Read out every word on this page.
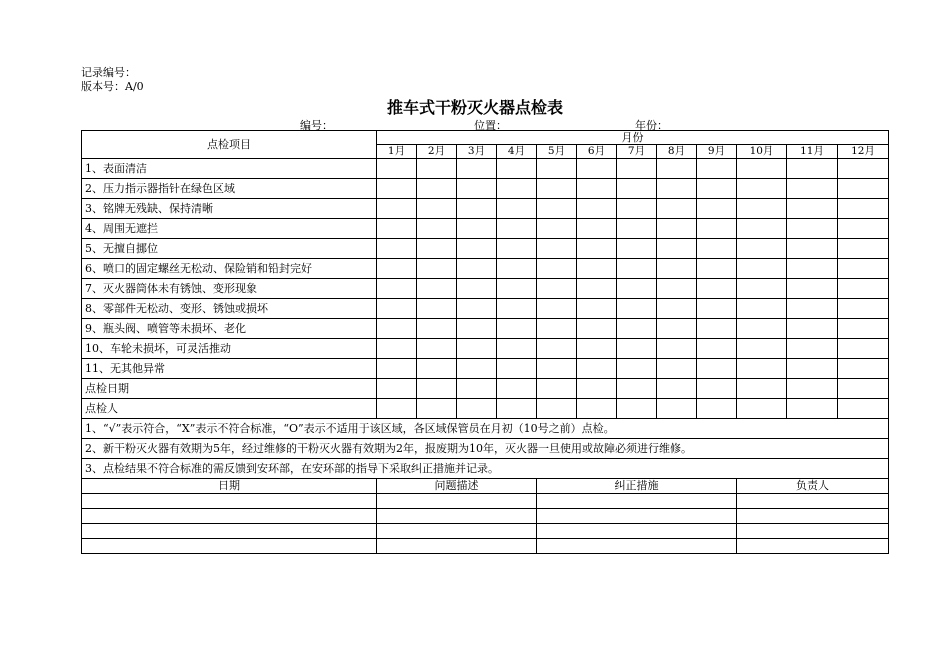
记录编号：
版本号：A/0
推车式干粉灭火器点检表
编号：	位置：	年份：
点检项目	月份											
	1月	2月	3月	4月	5月	6月	7月	8月	9月	10月	11月	12月
1、表面清洁												
2、压力指示器指针在绿色区域												
3、铭牌无残缺、保持清晰												
4、周围无遮拦												
5、无擅自挪位												
6、喷口的固定螺丝无松动、保险销和铅封完好												
7、灭火器筒体未有锈蚀、变形现象												
8、零部件无松动、变形、锈蚀或损坏												
9、瓶头阀、喷管等未损坏、老化												
10、车轮未损坏，可灵活推动												
11、无其他异常												
点检日期												
点检人												
1、“√”表示符合，“X”表示不符合标准，“O”表示不适用于该区域，各区域保管员在月初（10号之前）点检。												
2、新干粉灭火器有效期为5年，经过维修的干粉灭火器有效期为2年，报废期为10年，灭火器一旦使用或故障必须进行维修。												
3、点检结果不符合标准的需反馈到安环部，在安环部的指导下采取纠正措施并记录。												
日期	问题描述				纠正措施					负责人		
